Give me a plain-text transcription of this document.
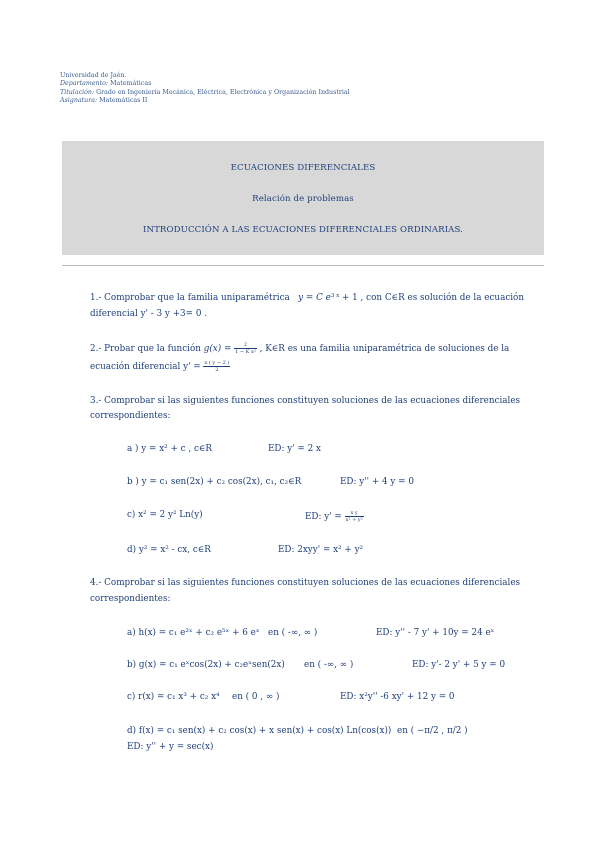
Universidad de Jaén.
Departamento: Matemáticas
Titulación: Grado en Ingeniería Mecánica, Eléctrica, Electrónica y Organización Industrial
Asignatura: Matemáticas II
ECUACIONES DIFERENCIALES
Relación de problemas
INTRODUCCIÓN A LAS ECUACIONES DIFERENCIALES ORDINARIAS.
1.- Comprobar que la familia uniparamétrica y = C $e^{3 x} + 1$ , con C∈R es solución de la ecuación
diferencial y' - 3 y +3= 0 .
2.- Probar que la función $g(x) = \frac{2}{\text{1 − K x²}}$ , K∈R es una familia uniparamétrica de soluciones de la
ecuación diferencial $y' = \frac{x ( y - 2 )}{2}$
3.- Comprobar si las siguientes funciones constituyen soluciones de las ecuaciones diferenciales
correspondientes:
a ) y = x² + c , c∈R	ED: y' = 2 x
b ) y = c₁ sen(2x) + c₂ cos(2x), c₁, c₂∈R	ED: y'' + 4 y = 0
c) x² = 2 y² Ln(y)	ED: $y' = \frac{\text{x y}}{\text{x² + y²}}$
d) y² = x² - cx, c∈R	ED: 2xyy' = x² + y²
4.- Comprobar si las siguientes funciones constituyen soluciones de las ecuaciones diferenciales
correspondientes:
a) h(x) = c₁ e²ˣ + c₂ e⁵ˣ + 6 eˣ en ( -∞, ∞ )	ED: y'' - 7 y' + 10y = 24 eˣ
b) g(x) = c₁ eˣcos(2x) + c₂eˣsen(2x) en ( -∞, ∞ )	ED: y'- 2 y' + 5 y = 0
c) r(x) = c₁ x³ + c₂ x⁴ en ( 0 , ∞ )	ED: x²y'' -6 xy' + 12 y = 0
d) f(x) = c₁ sen(x) + c₂ cos(x) + x sen(x) + cos(x) Ln(cos(x)) en ( −π/2 , π/2 )
ED: y'' + y = sec(x)
